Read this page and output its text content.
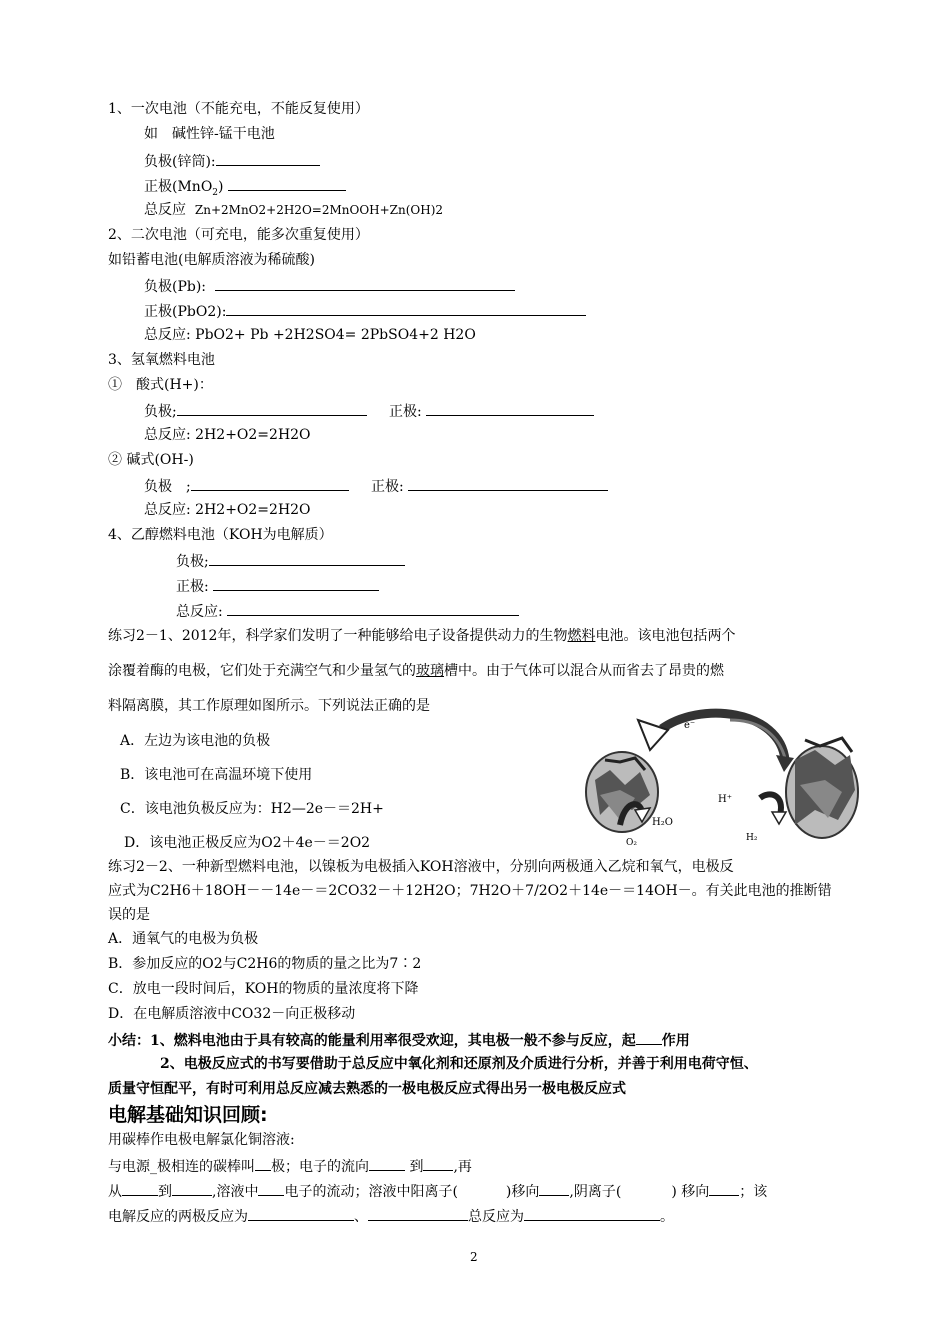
1、一次电池（不能充电，不能反复使用）
如　碱性锌-锰干电池
负极(锌筒):
正极(MnO$_2$)
总反应 Zn+2MnO2+2H2O=2MnOOH+Zn(OH)2
2、二次电池（可充电，能多次重复使用）
如铅蓄电池(电解质溶液为稀硫酸)
负极(Pb):
正极(PbO2):
总反应: PbO2+ Pb +2H2SO4= 2PbSO4+2 H2O
3、氢氧燃料电池
①　酸式(H+)：
负极;	正极:
总反应: 2H2+O2=2H2O
② 碱式(OH-)
负极　;	正极:
总反应: 2H2+O2=2H2O
4、乙醇燃料电池（KOH为电解质）
负极;
正极:
总反应:
练习2－1、2012年，科学家们发明了一种能够给电子设备提供动力的生物燃料电池。该电池包括两个
涂覆着酶的电极，它们处于充满空气和少量氢气的玻璃槽中。由于气体可以混合从而省去了昂贵的燃
料隔离膜，其工作原理如图所示。下列说法正确的是
A．左边为该电池的负极
B．该电池可在高温环境下使用
C．该电池负极反应为：H2—2e－＝2H+
D．该电池正极反应为O2＋4e－＝2O2
e⁻
H₂O
O₂
H⁺
H₂
练习2－2、一种新型燃料电池，以镍板为电极插入KOH溶液中，分别向两极通入乙烷和氧气，电极反
应式为C2H6＋18OH－－14e－＝2CO32－＋12H2O；7H2O＋7/2O2＋14e－＝14OH－。有关此电池的推断错
误的是
A．通氧气的电极为负极
B．参加反应的O2与C2H6的物质的量之比为7∶2
C．放电一段时间后，KOH的物质的量浓度将下降
D．在电解质溶液中CO32－向正极移动
小结：1、燃料电池由于具有较高的能量利用率很受欢迎，其电极一般不参与反应，起 作用
2、电极反应式的书写要借助于总反应中氧化剂和还原剂及介质进行分析，并善于利用电荷守恒、
质量守恒配平，有时可利用总反应减去熟悉的一极电极反应式得出另一极电极反应式
电解基础知识回顾:
用碳棒作电极电解氯化铜溶液:
与电源_极相连的碳棒叫 极；电子的流向	到 ,再
从	到	,溶液中 电子的流动；溶液中阳离子(	)移向 ,阴离子(	) 移向 ；该
电解反应的两极反应为	、	总反应为	。
2
